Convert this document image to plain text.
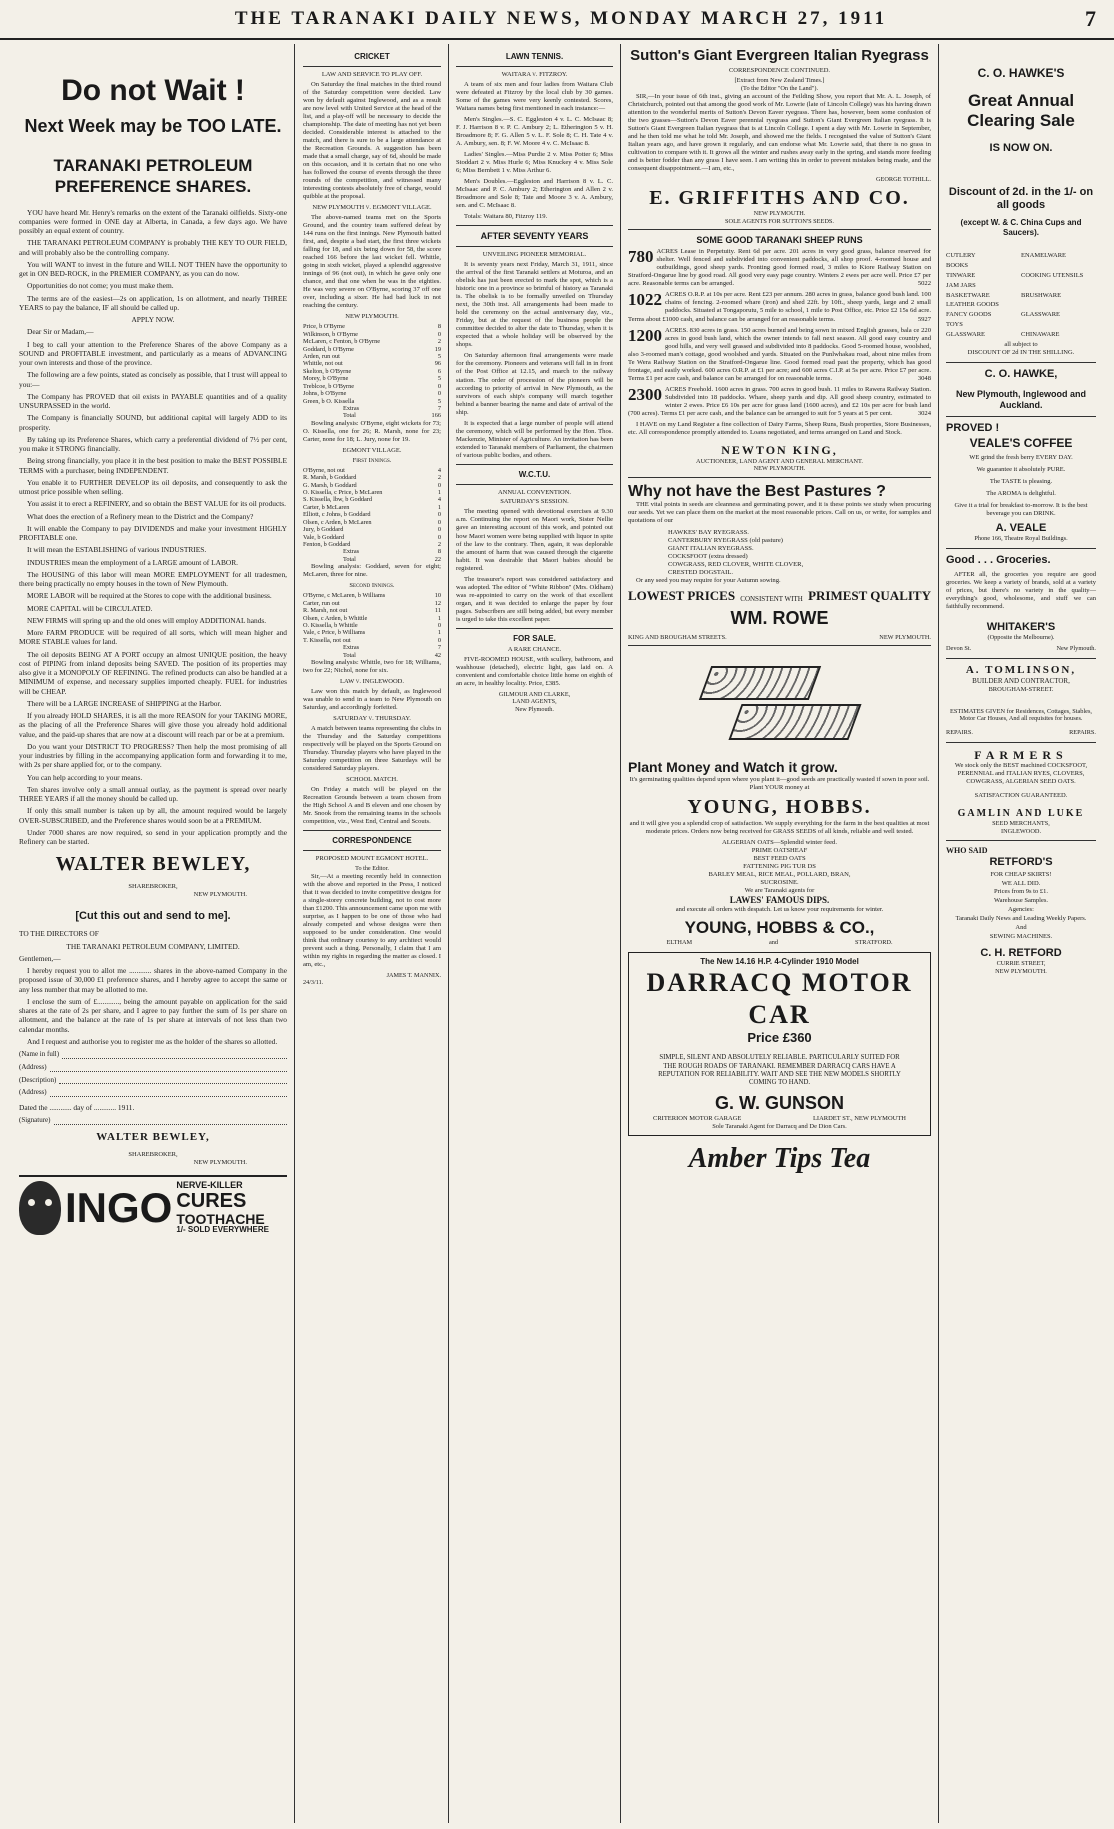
THE TARANAKI DAILY NEWS, MONDAY MARCH 27, 1911	7
Do not Wait !
Next Week may be TOO LATE.
TARANAKI PETROLEUM PREFERENCE SHARES.

YOU have heard Mr. Henry's remarks on the extent of the Taranaki oilfields. Sixty-one companies were formed in ONE day at Alberta, in Canada, a few days ago. We have possibly an equal extent of country.

THE TARANAKI PETROLEUM COMPANY is probably THE KEY TO OUR FIELD, and will probably also be the controlling company.

You will WANT to invest in the future and WILL NOT THEN have the opportunity to get in ON BED-ROCK, in the PREMIER COMPANY, as you can do now.

Opportunities do not come; you must make them.

The terms are of the easiest—2s on application, 1s on allotment, and nearly THREE YEARS to pay the balance, IF all should be called up.

APPLY NOW.

Dear Sir or Madam,—

I beg to call your attention to the Preference Shares of the above Company as a SOUND and PROFITABLE investment, and particularly as a means of ADVANCING your own interests and those of the province.

The following are a few points, stated as concisely as possible, that I trust will appeal to you:—

The Company has PROVED that oil exists in PAYABLE quantities and of a quality UNSURPASSED in the world.

The Company is financially SOUND, but additional capital will largely ADD to its prosperity.

By taking up its Preference Shares, which carry a preferential dividend of 7½ per cent, you make it STRONG financially.

Being strong financially, you place it in the best position to make the BEST POSSIBLE TERMS with a purchaser, being INDEPENDENT.

You enable it to FURTHER DEVELOP its oil deposits, and consequently to ask the utmost price possible when selling.

You assist it to erect a REFINERY, and so obtain the BEST VALUE for its oil products.

What does the erection of a Refinery mean to the District and the Company?

It will enable the Company to pay DIVIDENDS and make your investment HIGHLY PROFITABLE one.

It will mean the ESTABLISHING of various INDUSTRIES.

INDUSTRIES mean the employment of a LARGE amount of LABOR.

The HOUSING of this labor will mean MORE EMPLOYMENT for all tradesmen, there being practically no empty houses in the town of New Plymouth.

MORE LABOR will be required at the Stores to cope with the additional business.

MORE CAPITAL will be CIRCULATED.

NEW FIRMS will spring up and the old ones will employ ADDITIONAL hands.

More FARM PRODUCE will be required of all sorts, which will mean higher and MORE STABLE values for land.

The oil deposits BEING AT A PORT occupy an almost UNIQUE position, the heavy cost of PIPING from inland deposits being SAVED. The position of its properties may also give it a MONOPOLY OF REFINING. The refined products can also be handled at a MINIMUM of expense, and necessary supplies imported cheaply. FUEL for industries will be CHEAP.

There will be a LARGE INCREASE of SHIPPING at the Harbor.

If you already HOLD SHARES, it is all the more REASON for your TAKING MORE, as the placing of all the Preference Shares will give those you already hold additional value, and the paid-up shares that are now at a discount will reach par or be at a premium.

Do you want your DISTRICT TO PROGRESS? Then help the most promising of all your industries by filling in the accompanying application form and forwarding it to me, with 2s per share applied for, or to the company.

You can help according to your means.

Ten shares involve only a small annual outlay, as the payment is spread over nearly THREE YEARS if all the money should be called up.

If only this small number is taken up by all, the amount required would be largely OVER-SUBSCRIBED, and the Preference shares would soon be at a PREMIUM.

Under 7000 shares are now required, so send in your application promptly and the Refinery can be started.

WALTER BEWLEY,
SHAREBROKER,
NEW PLYMOUTH.
[Cut this out and send to me].

TO THE DIRECTORS OF

THE TARANAKI PETROLEUM COMPANY, LIMITED.

Gentlemen,—

I hereby request you to allot me ............ shares in the above-named Company in the proposed issue of 30,000 £1 preference shares, and I hereby agree to accept the same or any less number that may be allotted to me.

I enclose the sum of £............, being the amount payable on application for the said shares at the rate of 2s per share, and I agree to pay further the sum of 1s per share on allotment, and the balance at the rate of 1s per share at intervals of not less than two calendar months.

And I request and authorise you to register me as the holder of the shares so allotted.

(Name in full)
(Address)
(Description)
(Address)

Dated the ............ day of ............ 1911.

(Signature)
WALTER BEWLEY,
SHAREBROKER,
NEW PLYMOUTH.
INGO NERVE-KILLER
CURES
TOOTHACHE
1/- SOLD EVERYWHERE
CRICKET
LAW AND SERVICE TO PLAY OFF.

On Saturday the final matches in the third round of the Saturday competition were decided. Law won by default against Inglewood, and as a result are now level with United Service at the head of the list, and a play-off will be necessary to decide the championship. The date of meeting has not yet been decided. Considerable interest is attached to the match, and there is sure to be a large attendance at the Recreation Grounds. A suggestion has been made that a small charge, say of 6d, should be made on this occasion, and it is certain that no one who has followed the course of events through the three rounds of the competition, and witnessed many interesting contests absolutely free of charge, would quibble at the proposal.

NEW PLYMOUTH v. EGMONT VILLAGE.

The above-named teams met on the Sports Ground, and the country team suffered defeat by 144 runs on the first innings. New Plymouth batted first, and, despite a bad start, the first three wickets falling for 18, and six being down for 58, the score reached 166 before the last wicket fell. Whittle, going in sixth wicket, played a splendid aggressive innings of 96 (not out), in which he gave only one chance, and that one when he was in the eighties. He was very severe on O'Byrne, scoring 37 off one over, including a sixer. He had bad luck in not reaching the century.

NEW PLYMOUTH.
Price, b O'Byrne	8
Wilkinson, b O'Byrne	0
McLaren, c Fenton, b O'Byrne	2
Goddard, b O'Byrne	19
Arden, run out	5
Whittle, not out	96
Skelton, b O'Byrne	6
Morey, b O'Byrne	5
Treblcoe, b O'Byrne	0
Johns, b O'Byrne	0
Green, b O. Kissella	5
Extras	7
Total	166

Bowling analysis: O'Byrne, eight wickets for 73; O. Kissella, one for 26; R. Marsh, none for 23; Carter, none for 18; L. Jury, none for 19.

EGMONT VILLAGE.
First Innings.
O'Byrne, not out	4
R. Marsh, b Goddard	2
G. Marsh, b Goddard	0
O. Kissella, c Price, b McLaren	1
S. Kissella, lbw, b Goddard	4
Carter, b McLaren	1
Elliott, c Johns, b Goddard	0
Olsen, c Arden, b McLaren	0
Jury, b Goddard	0
Vale, b Goddard	0
Fenton, b Goddard	2
Extras	8
Total	22

Bowling analysis: Goddard, seven for eight; McLaren, three for nine.

Second Innings.
O'Byrne, c McLaren, b Williams	10
Carter, run out	12
R. Marsh, not out	11
Olsen, c Arden, b Whittle	1
O. Kissella, b Whittle	0
Vale, c Price, b Williams	1
T. Kissella, not out	0
Extras	7
Total	42

Bowling analysis: Whittle, two for 18; Williams, two for 22; Nichol, none for six.

LAW v. INGLEWOOD.

Law won this match by default, as Inglewood was unable to send in a team to New Plymouth on Saturday, and accordingly forfeited.

SATURDAY v. THURSDAY.

A match between teams representing the clubs in the Thursday and the Saturday competitions respectively will be played on the Sports Ground on Thursday. Thursday players who have played in the Saturday competition on three Saturdays will be considered Saturday players.

SCHOOL MATCH.

On Friday a match will be played on the Recreation Grounds between a team chosen from the High School A and B eleven and one chosen by Mr. Snook from the remaining teams in the schools competition, viz., West End, Central and Scouts.

CORRESPONDENCE
PROPOSED MOUNT EGMONT HOTEL.
To the Editor.

Sir,—At a meeting recently held in connection with the above and reported in the Press, I noticed that it was decided to invite competitive designs for a single-storey concrete building, not to cost more than £1200. This announcement came upon me with surprise, as I happen to be one of those who had already competed and whose designs were then supposed to be under consideration. One would think that ordinary courtesy to any architect would prevent such a thing. Personally, I claim that I am within my rights in regarding the matter as closed. I am, etc.,

JAMES T. MANNIX.
24/3/11.
LAWN TENNIS.
WAITARA v. FITZROY.

A team of six men and four ladies from Waitara Club were defeated at Fitzroy by the local club by 30 games. Some of the games were very keenly contested. Scores, Waitara names being first mentioned in each instance:—

Men's Singles.—S. C. Eggleston 4 v. L. C. McIsaac 8; F. J. Harrison 8 v. P. C. Ambury 2; L. Etherington 5 v. H. Broadmore 8; F. G. Allen 5 v. L. F. Sole 8; C. H. Tate 4 v. A. Ambury, sen. 8; F. W. Moore 4 v. C. McIsaac 8.

Ladies' Singles.—Miss Purdie 2 v. Miss Potter 6; Miss Stoddart 2 v. Miss Hurle 6; Miss Knuckey 4 v. Miss Sole 6; Miss Bernbett 1 v. Miss Arthur 6.

Men's Doubles.—Eggleston and Harrison 8 v. L. C. McIsaac and P. C. Ambury 2; Etherington and Allen 2 v. Broadmore and Sole 8; Tate and Moore 3 v. A. Ambury, sen. and C. McIsaac 8.

Totals: Waitara 80, Fitzroy 119.

AFTER SEVENTY YEARS
UNVEILING PIONEER MEMORIAL.

It is seventy years next Friday, March 31, 1911, since the arrival of the first Taranaki settlers at Moturoa, and an obelisk has just been erected to mark the spot, which is a historic one in a province so brimful of history as Taranaki is. The obelisk is to be formally unveiled on Thursday next, the 30th inst. All arrangements had been made to hold the ceremony on the actual anniversary day, viz., Friday, but at the request of the business people the committee decided to alter the date to Thursday, when it is expected that a whole holiday will be observed by the shops.

On Saturday afternoon final arrangements were made for the ceremony. Pioneers and veterans will fall in in front of the Post Office at 12.15, and march to the railway station. The order of procession of the pioneers will be according to priority of arrival in New Plymouth, as the survivors of each ship's company will march together behind a banner bearing the name and date of arrival of the ship.

It is expected that a large number of people will attend the ceremony, which will be performed by the Hon. Thos. Mackenzie, Minister of Agriculture. An invitation has been extended to Taranaki members of Parliament, the chairmen of various public bodies, and others.

W.C.T.U.
ANNUAL CONVENTION.
SATURDAY'S SESSION.

The meeting opened with devotional exercises at 9.30 a.m. Continuing the report on Maori work, Sister Nellie gave an interesting account of this work, and pointed out how Maori women were being supplied with liquor in spite of the law to the contrary. Then, again, it was deplorable the amount of harm that was caused through the cigarette habit. It was desirable that Maori babies should be registered.

The treasurer's report was considered satisfactory and was adopted. The editor of "White Ribbon" (Mrs. Oldham) was re-appointed to carry on the work of that excellent organ, and it was decided to enlarge the paper by four pages. Subscribers are still being added, but every member is urged to take this excellent paper.

FOR SALE.
A RARE CHANCE.

FIVE-ROOMED HOUSE, with scullery, bathroom, and washhouse (detached), electric light, gas laid on. A convenient and comfortable choice little home on eighth of an acre, in healthy locality. Price, £385.

GILMOUR AND CLARKE,
LAND AGENTS,
New Plymouth.
Sutton's Giant Evergreen Italian Ryegrass
CORRESPONDENCE CONTINUED.
[Extract from New Zealand Times.]
(To the Editor "On the Land").

SIR,—In your issue of 6th inst., giving an account of the Feilding Show, you report that Mr. A. L. Joseph, of Christchurch, pointed out that among the good work of Mr. Lowrie (late of Lincoln College) was his having drawn attention to the wonderful merits of Sutton's Devon Eaver ryegrass. There has, however, been some confusion of the two grasses—Sutton's Devon Eaver perennial ryegrass and Sutton's Giant Evergreen Italian ryegrass. It is Sutton's Giant Evergreen Italian ryegrass that is at Lincoln College. I spent a day with Mr. Lowrie in September, and he then told me what he told Mr. Joseph, and showed me the fields. I recognised the value of Sutton's Giant Italian years ago, and have grown it regularly, and can endorse what Mr. Lowrie said, that there is no grass in cultivation to compare with it. It grows all the winter and rushes away early in the spring, and stands more feeding and is better fodder than any grass I have seen. I am writing this in order to prevent mistakes being made, and the consequent disappointment.—I am, etc.,

GEORGE TOTHILL.
E. GRIFFITHS AND CO.
NEW PLYMOUTH.
SOLE AGENTS FOR SUTTON'S SEEDS.
SOME GOOD TARANAKI SHEEP RUNS
780 ACRES Lease in Perpetuity. Rent 6d per acre. 201 acres in very good grass, balance reserved for shelter. Well fenced and subdivided into convenient paddocks, all shop proof. 4-roomed house and outbuildings, good sheep yards. Fronting good formed road, 3 miles to Kiore Railway Station on Stratford-Ongarue line by good road. All good very easy page country. Winters 2 ewes per acre well. Price £7 per acre. Reasonable terms can be arranged.	5022
1022 ACRES O.R.P. at 10s per acre. Rent £23 per annum. 280 acres in grass, balance good bush land. 100 chains of fencing. 2-roomed whare (iron) and shed 22ft. by 10ft., sheep yards, large and 2 small paddocks. Situated at Tongaporutu, 5 mile to school, 1 mile to Post Office, etc. Price £2 15s 6d acre. Terms about £1000 cash, and balance can be arranged for an reasonable terms.	5927
1200 ACRES. 830 acres in grass. 150 acres burned and being sown in mixed English grasses, bala ce 220 acres in good bush land, which the owner intends to fall next season. All good easy country and good hills, and very well grassed and subdivided into 8 paddocks. Good 5-roomed house, woolshed, also 3-roomed man's cottage, good woolshed and yards. Situated on the Punlwhakau road, about nine miles from Te Wera Railway Station on the Stratford-Ongarue line. Good formed road past the property, which has good frontage, and easily worked. 600 acres O.R.P. at £1 per acre; and 600 acres C.I.P. at 5s per acre. Price £7 per acre. Terms £1 per acre cash, and balance can be arranged for on reasonable terms.	3048
2300 ACRES Freehold. 1600 acres in grass. 700 acres in good bush. 11 miles to Rawera Railway Station. Subdivided into 18 paddocks. Whare, sheep yards and dip. All good sheep country, estimated to winter 2 ewes. Price £6 10s per acre for grass land (1600 acres), and £2 10s per acre for bush land (700 acres). Terms £1 per acre cash, and the balance can be arranged to suit for 5 years at 5 per cent.	3024

I HAVE on my Land Register a fine collection of Dairy Farms, Sheep Runs, Bush properties, Store Businesses, etc. All correspondence promptly attended to. Loans negotiated, and terms arranged on Land and Stock.

NEWTON KING,
AUCTIONEER, LAND AGENT AND GENERAL MERCHANT.
NEW PLYMOUTH.
Why not have the Best Pastures ?

THE vital points in seeds are cleanness and germinating power, and it is these points we study when procuring our seeds. Yet we can place them on the market at the most reasonable prices. Call on us, or write, for samples and quotations of our

HAWKES' BAY RYEGRASS.
CANTERBURY RYEGRASS (old pasture)
GIANT ITALIAN RYEGRASS.
COCKSFOOT (extra dressed)
COWGRASS, RED CLOVER, WHITE CLOVER,
CRESTED DOGSTAIL.

Or any seed you may require for your Autumn sowing.

LOWEST PRICES CONSISTENT WITH PRIMEST QUALITY
WM. ROWE
KING AND BROUGHAM STREETS.	NEW PLYMOUTH.
Plant Money and Watch it grow.

It's germinating qualities depend upon where you plant it—good seeds are practically wasted if sown in poor soil. Plant YOUR money at

YOUNG, HOBBS.

and it will give you a splendid crop of satisfaction. We supply everything for the farm in the best qualities at most moderate prices. Orders now being received for GRASS SEEDS of all kinds, reliable and well tested.

ALGERIAN OATS—Splendid winter feed.
PRIME OATSHEAF
BEST FEED OATS
FATTENING PIG TUR DS
BARLEY MEAL, RICE MEAL, POLLARD, BRAN,
SUCROSINE.
We are Taranaki agents for
LAWES' FAMOUS DIPS.
and execute all orders with despatch. Let us know your requirements for winter.
YOUNG, HOBBS & CO.,
ELTHAM	and	STRATFORD.
The New 14.16 H.P. 4-Cylinder 1910 Model
DARRACQ MOTOR CAR
Price £360

SIMPLE, SILENT AND ABSOLUTELY RELIABLE. PARTICULARLY SUITED FOR THE ROUGH ROADS OF TARANAKI. REMEMBER DARRACQ CARS HAVE A REPUTATION FOR RELIABILITY. WAIT AND SEE THE NEW MODELS SHORTLY COMING TO HAND.

G. W. GUNSON
CRITERION MOTOR GARAGE	LIARDET ST., NEW PLYMOUTH
Sole Taranaki Agent for Darracq and De Dion Cars.
Amber Tips Tea
C. O. HAWKE'S
Great Annual Clearing Sale
IS NOW ON.
Discount of 2d. in the 1/- on all goods
(except W. & C. China Cups and Saucers).
CUTLERY	ENAMELWARE
BOOKS
TINWARE	COOKING UTENSILS
JAM JARS
BASKETWARE	BRUSHWARE
LEATHER GOODS
FANCY GOODS	GLASSWARE
TOYS
GLASSWARE	CHINAWARE
all subject to
DISCOUNT OF 2d IN THE SHILLING.
C. O. HAWKE,
New Plymouth, Inglewood and Auckland.
PROVED !
VEALE'S COFFEE
WE grind the fresh berry EVERY DAY.
We guarantee it absolutely PURE.
The TASTE is pleasing.
The AROMA is delightful.
Give it a trial for breakfast to-morrow. It is the best beverage you can DRINK.
A. VEALE
Phone 166, Theatre Royal Buildings.
Good . . . Groceries.

AFTER all, the groceries you require are good groceries. We keep a variety of brands, sold at a variety of prices, but there's no variety in the quality—everything's good, wholesome, and stuff we can faithfully recommend.

WHITAKER'S
(Opposite the Melbourne).
Devon St.	New Plymouth.
A. TOMLINSON,
BUILDER AND CONTRACTOR,
BROUGHAM-STREET.

ESTIMATES GIVEN for Residences, Cottages, Stables, Motor Car Houses, And all requisites for houses.

REPAIRS.	REPAIRS.
FARMERS

We stock only the BEST machined COCKSFOOT, PERENNIAL and ITALIAN RYES, CLOVERS, COWGRASS, ALGERIAN SEED OATS.

SATISFACTION GUARANTEED.
GAMLIN AND LUKE
SEED MERCHANTS,
INGLEWOOD.
WHO SAID
RETFORD'S
FOR CHEAP SKIRTS!
WE ALL DID.
Prices from 9s to £1.
Warehouse Samples.
Agencies:
Taranaki Daily News and Leading Weekly Papers.
And
SEWING MACHINES.
C. H. RETFORD
CURRIE STREET,
NEW PLYMOUTH.
